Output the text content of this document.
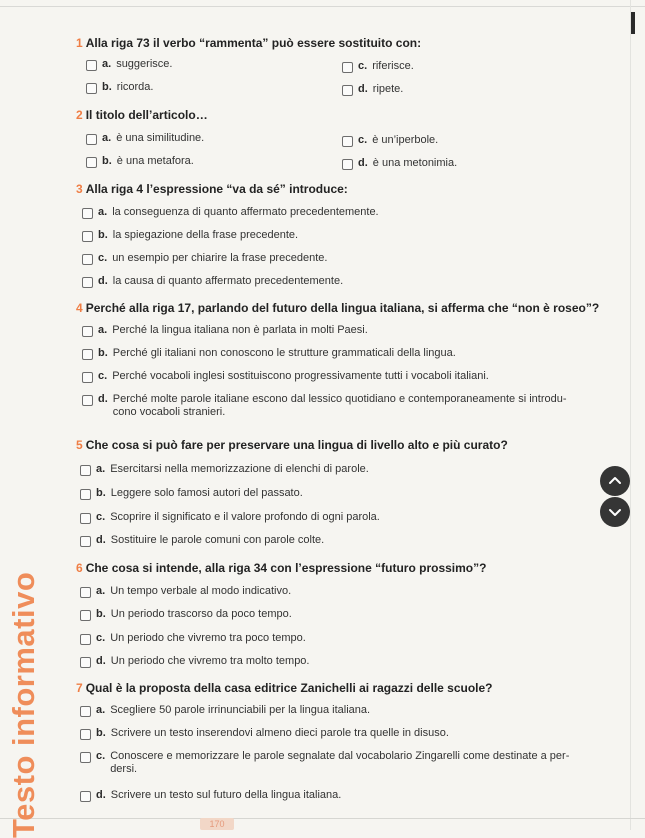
170
Testo informativo
1 Alla riga 73 il verbo “rammenta” può essere sostituito con:
a. suggerisce.	c. riferisce.
b. ricorda.	d. ripete.
2 Il titolo dell’articolo…
a. è una similitudine.	c. è un’iperbole.
b. è una metafora.	d. è una metonimia.
3 Alla riga 4 l’espressione “va da sé” introduce:
a. la conseguenza di quanto affermato precedentemente.
b. la spiegazione della frase precedente.
c. un esempio per chiarire la frase precedente.
d. la causa di quanto affermato precedentemente.
4 Perché alla riga 17, parlando del futuro della lingua italiana, si afferma che “non è roseo”?
a. Perché la lingua italiana non è parlata in molti Paesi.
b. Perché gli italiani non conoscono le strutture grammaticali della lingua.
c. Perché vocaboli inglesi sostituiscono progressivamente tutti i vocaboli italiani.
d. Perché molte parole italiane escono dal lessico quotidiano e contemporaneamente si introdu-
cono vocaboli stranieri.
5 Che cosa si può fare per preservare una lingua di livello alto e più curato?
a. Esercitarsi nella memorizzazione di elenchi di parole.
b. Leggere solo famosi autori del passato.
c. Scoprire il significato e il valore profondo di ogni parola.
d. Sostituire le parole comuni con parole colte.
6 Che cosa si intende, alla riga 34 con l’espressione “futuro prossimo”?
a. Un tempo verbale al modo indicativo.
b. Un periodo trascorso da poco tempo.
c. Un periodo che vivremo tra poco tempo.
d. Un periodo che vivremo tra molto tempo.
7 Qual è la proposta della casa editrice Zanichelli ai ragazzi delle scuole?
a. Scegliere 50 parole irrinunciabili per la lingua italiana.
b. Scrivere un testo inserendovi almeno dieci parole tra quelle in disuso.
c. Conoscere e memorizzare le parole segnalate dal vocabolario Zingarelli come destinate a per-
dersi.
d. Scrivere un testo sul futuro della lingua italiana.
